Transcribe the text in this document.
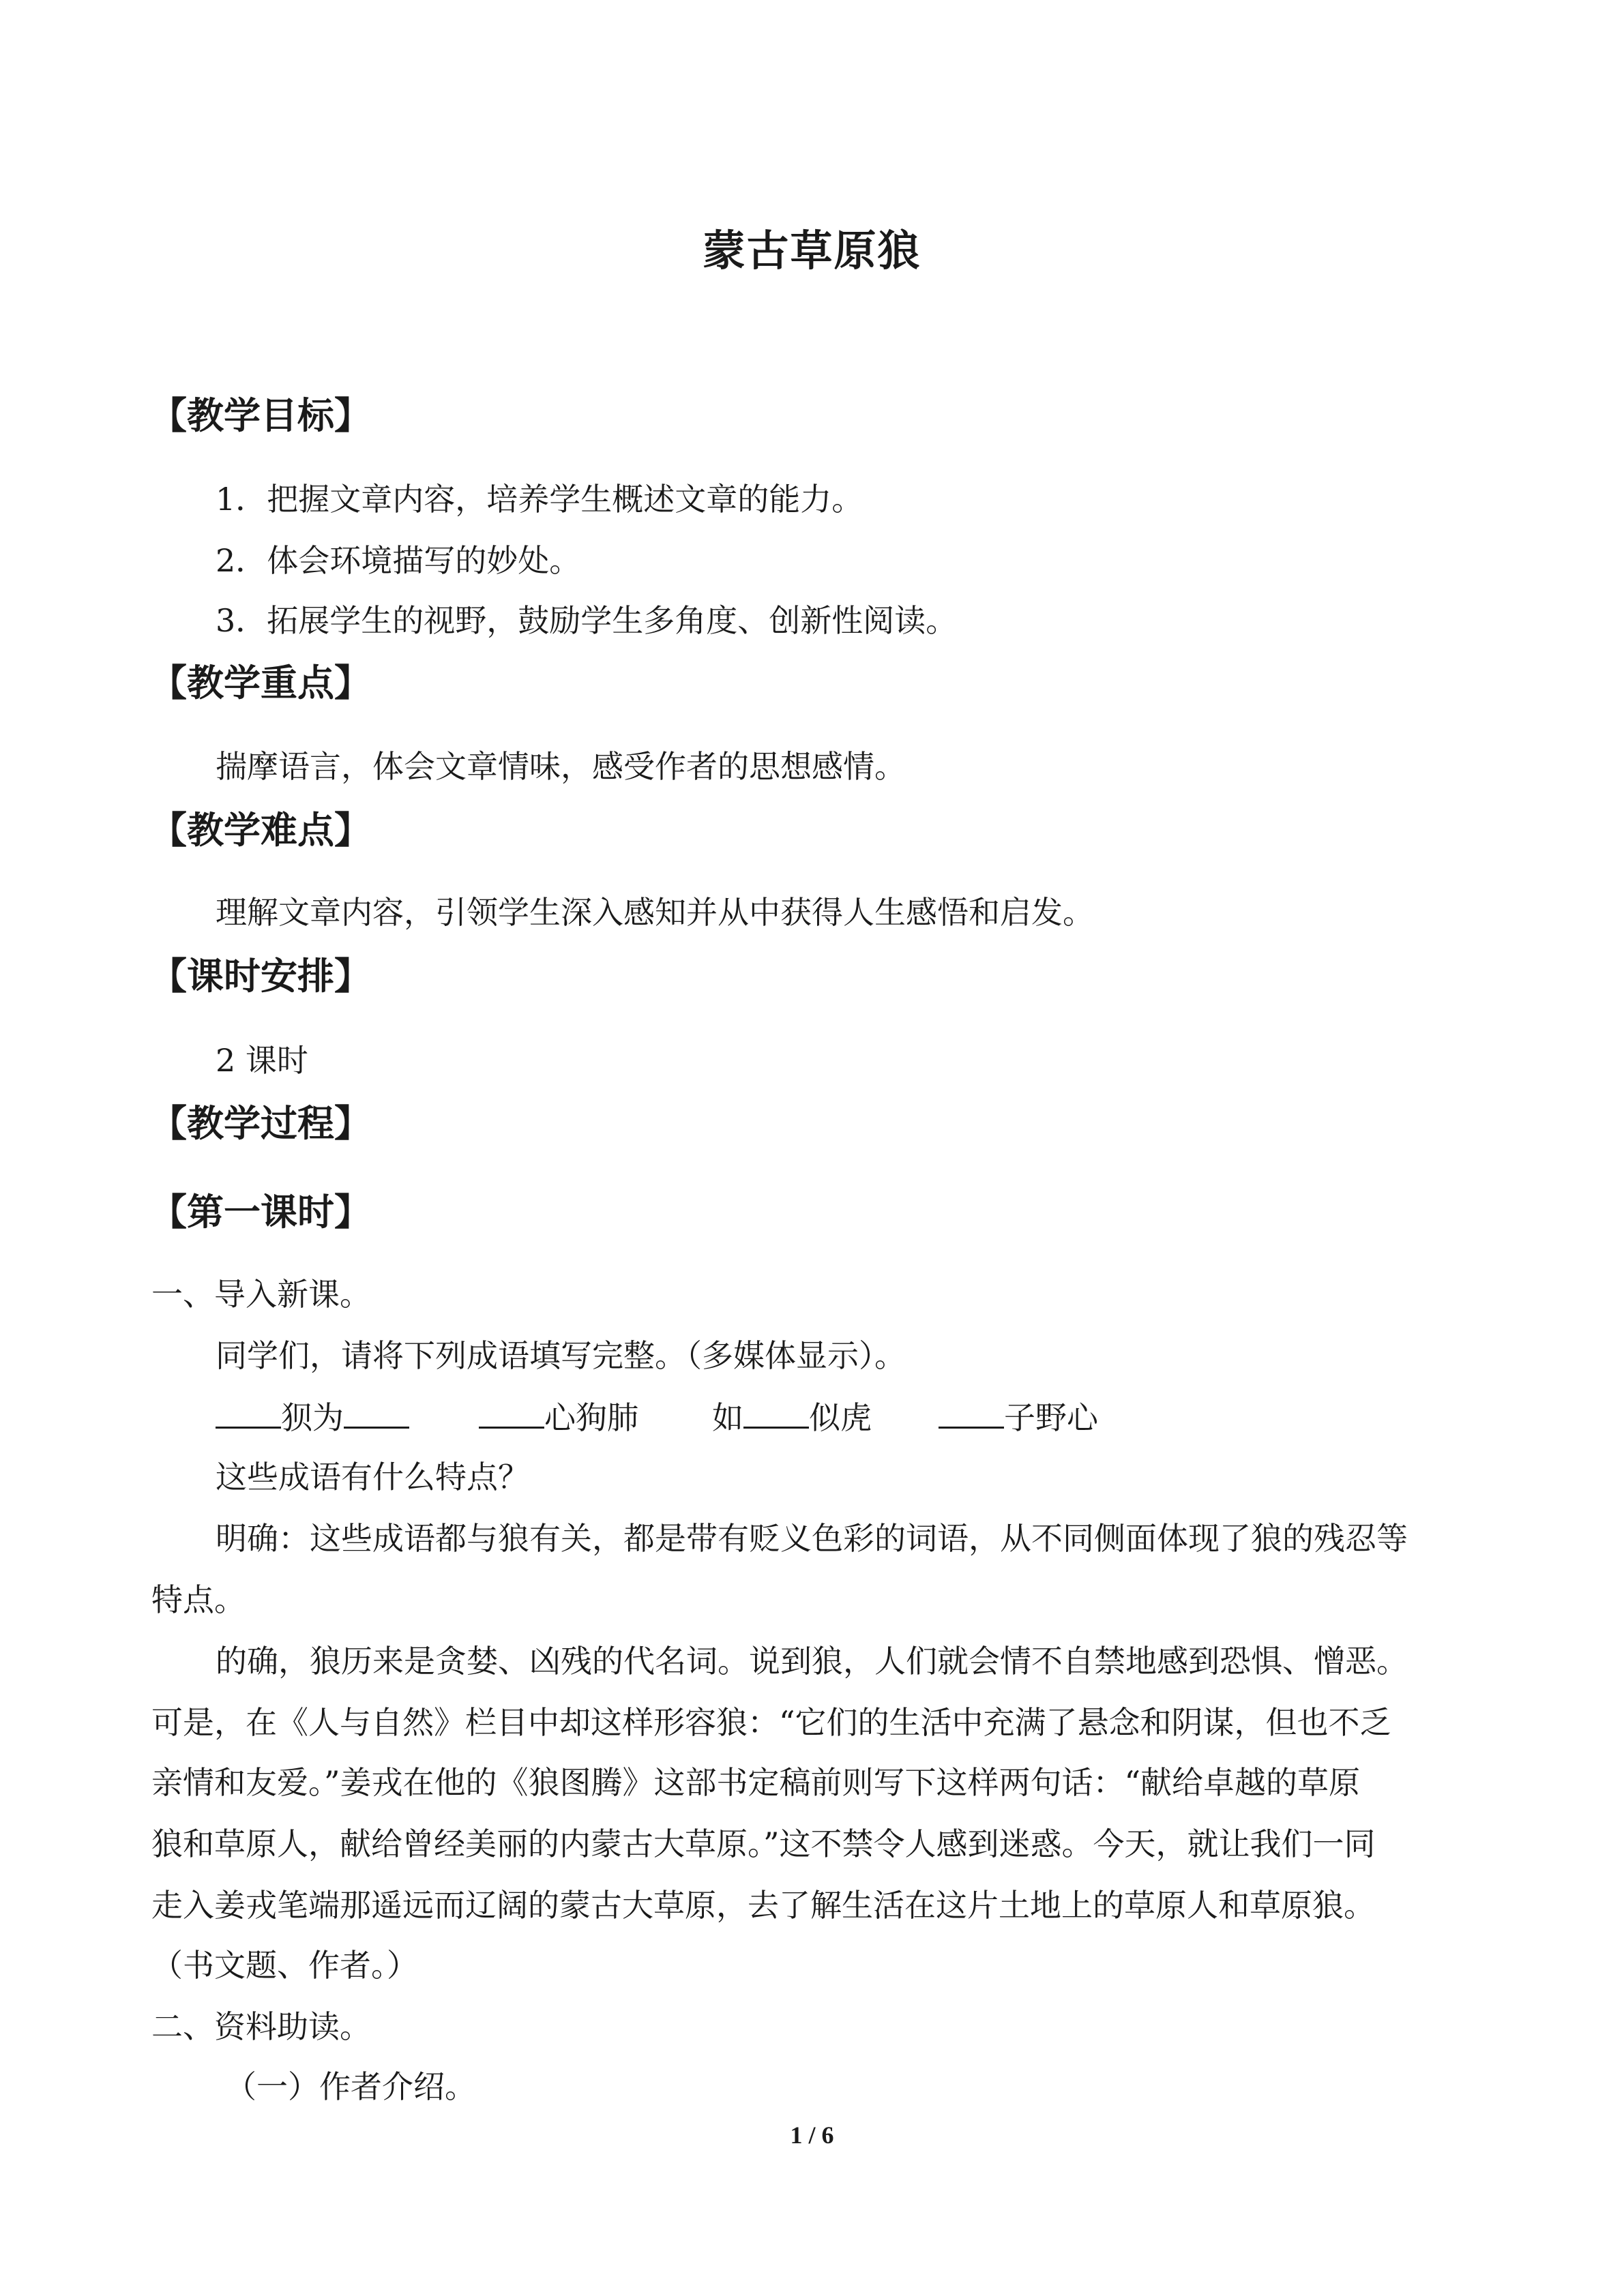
蒙古草原狼
【教学目标】
1．把握文章内容，培养学生概述文章的能力。
2．体会环境描写的妙处。
3．拓展学生的视野，鼓励学生多角度、创新性阅读。
【教学重点】
揣摩语言，体会文章情味，感受作者的思想感情。
【教学难点】
理解文章内容，引领学生深入感知并从中获得人生感悟和启发。
【课时安排】
2 课时
【教学过程】
【第一课时】
一、导入新课。
同学们，请将下列成语填写完整。（多媒体显示）。
狈为	心狗肺 如 似虎	子野心
这些成语有什么特点？
明确：这些成语都与狼有关，都是带有贬义色彩的词语，从不同侧面体现了狼的残忍等
特点。
的确，狼历来是贪婪、凶残的代名词。说到狼，人们就会情不自禁地感到恐惧、憎恶。
可是，在《人与自然》栏目中却这样形容狼：“它们的生活中充满了悬念和阴谋，但也不乏
亲情和友爱。”姜戎在他的《狼图腾》这部书定稿前则写下这样两句话：“献给卓越的草原
狼和草原人，献给曾经美丽的内蒙古大草原。”这不禁令人感到迷惑。今天，就让我们一同
走入姜戎笔端那遥远而辽阔的蒙古大草原，去了解生活在这片土地上的草原人和草原狼。
（书文题、作者。）
二、资料助读。
（一）作者介绍。
1 / 6
